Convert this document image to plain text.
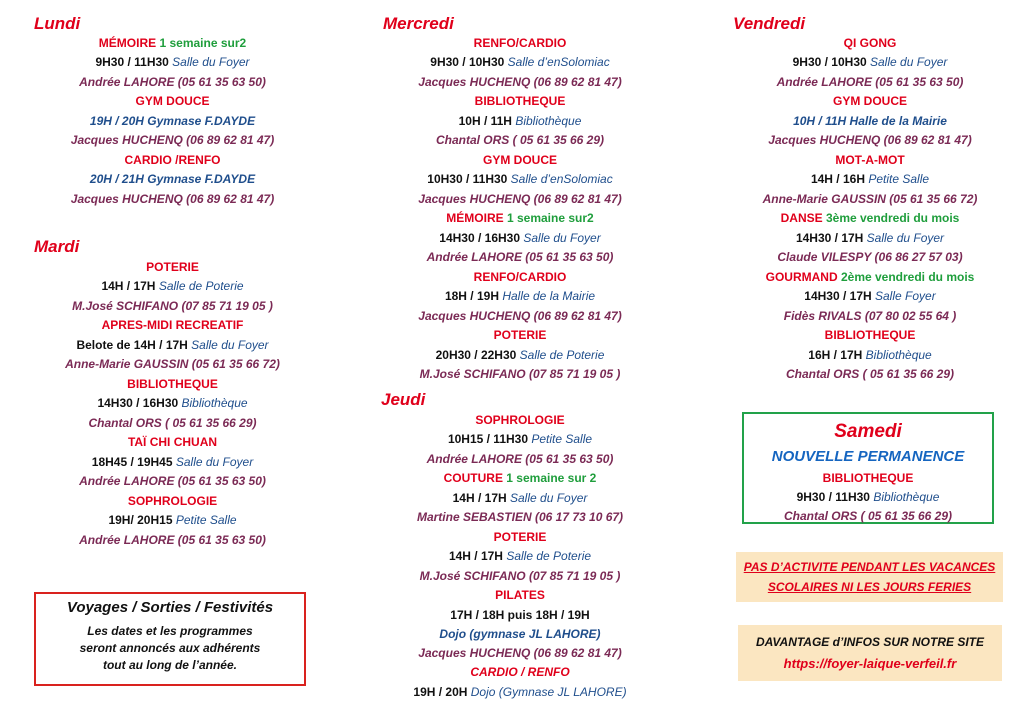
Lundi
MÉMOIRE 1 semaine sur2
9H30 / 11H30 Salle du Foyer
Andrée LAHORE (05 61 35 63 50)
GYM DOUCE
19H / 20H Gymnase F.DAYDE
Jacques HUCHENQ (06 89 62 81 47)
CARDIO /RENFO
20H / 21H Gymnase F.DAYDE
Jacques HUCHENQ (06 89 62 81 47)
Mardi
POTERIE
14H / 17H Salle de Poterie
M.José SCHIFANO (07 85 71 19 05 )
APRES-MIDI RECREATIF
Belote de 14H / 17H Salle du Foyer
Anne-Marie GAUSSIN (05 61 35 66 72)
BIBLIOTHEQUE
14H30 / 16H30 Bibliothèque
Chantal ORS ( 05 61 35 66 29)
TAÏ CHI CHUAN
18H45 / 19H45 Salle du Foyer
Andrée LAHORE (05 61 35 63 50)
SOPHROLOGIE
19H/ 20H15 Petite Salle
Andrée LAHORE (05 61 35 63 50)
Voyages / Sorties / Festivités
Les dates et les programmes
seront annoncés aux adhérents
tout au long de l’année.
Mercredi
RENFO/CARDIO
9H30 / 10H30 Salle d’enSolomiac
Jacques HUCHENQ (06 89 62 81 47)
BIBLIOTHEQUE
10H / 11H Bibliothèque
Chantal ORS ( 05 61 35 66 29)
GYM DOUCE
10H30 / 11H30 Salle d’enSolomiac
Jacques HUCHENQ (06 89 62 81 47)
MÉMOIRE 1 semaine sur2
14H30 / 16H30 Salle du Foyer
Andrée LAHORE (05 61 35 63 50)
RENFO/CARDIO
18H / 19H Halle de la Mairie
Jacques HUCHENQ (06 89 62 81 47)
POTERIE
20H30 / 22H30 Salle de Poterie
M.José SCHIFANO (07 85 71 19 05 )
Jeudi
SOPHROLOGIE
10H15 / 11H30 Petite Salle
Andrée LAHORE (05 61 35 63 50)
COUTURE 1 semaine sur 2
14H / 17H Salle du Foyer
Martine SEBASTIEN (06 17 73 10 67)
POTERIE
14H / 17H Salle de Poterie
M.José SCHIFANO (07 85 71 19 05 )
PILATES
17H / 18H puis 18H / 19H
Dojo (gymnase JL LAHORE)
Jacques HUCHENQ (06 89 62 81 47)
CARDIO / RENFO
19H / 20H Dojo (Gymnase JL LAHORE)
Vendredi
QI GONG
9H30 / 10H30 Salle du Foyer
Andrée LAHORE (05 61 35 63 50)
GYM DOUCE
10H / 11H Halle de la Mairie
Jacques HUCHENQ (06 89 62 81 47)
MOT-A-MOT
14H / 16H Petite Salle
Anne-Marie GAUSSIN (05 61 35 66 72)
DANSE 3ème vendredi du mois
14H30 / 17H Salle du Foyer
Claude VILESPY (06 86 27 57 03)
GOURMAND 2ème vendredi du mois
14H30 / 17H Salle Foyer
Fidès RIVALS (07 80 02 55 64 )
BIBLIOTHEQUE
16H / 17H Bibliothèque
Chantal ORS ( 05 61 35 66 29)
Samedi
NOUVELLE PERMANENCE
BIBLIOTHEQUE
9H30 / 11H30 Bibliothèque
Chantal ORS ( 05 61 35 66 29)
PAS D’ACTIVITE PENDANT LES VACANCES
SCOLAIRES NI LES JOURS FERIES
DAVANTAGE d’INFOS SUR NOTRE SITE
https://foyer-laique-verfeil.fr
